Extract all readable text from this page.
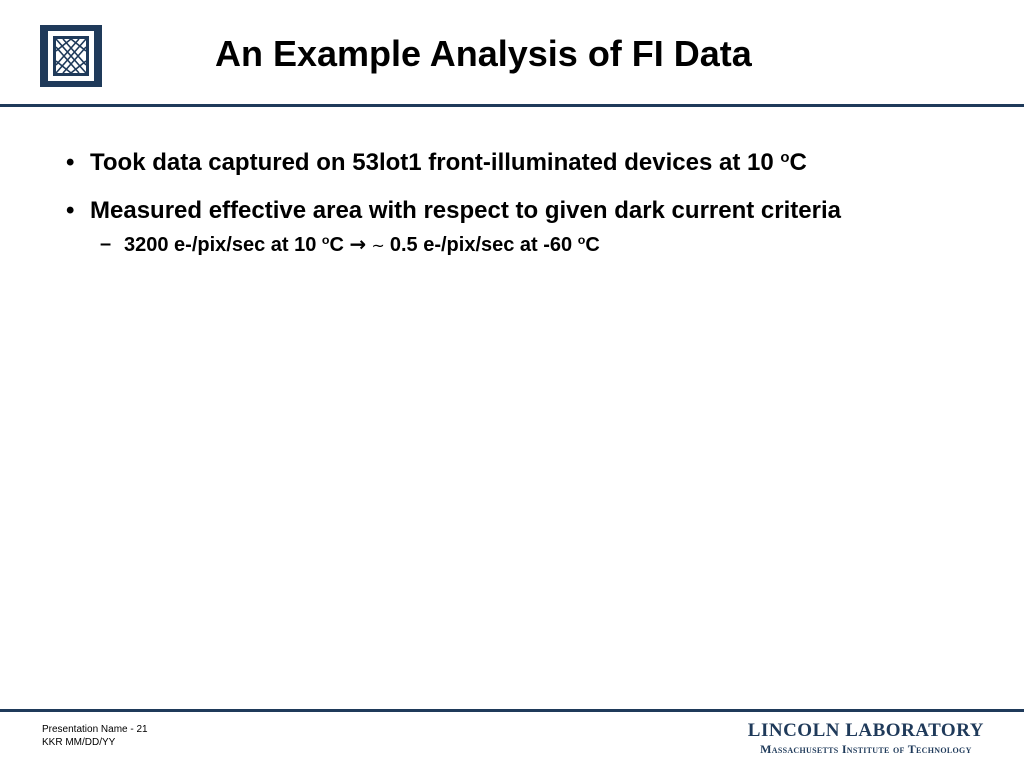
An Example Analysis of FI Data
• Took data captured on 53lot1 front-illuminated devices at 10 $^o$C
• Measured effective area with respect to given dark current criteria
– 3200 e-/pix/sec at 10 $^o$C → ~ 0.5 e-/pix/sec at -60 $^o$C
Presentation Name - 21
KKR MM/DD/YY
LINCOLN LABORATORY
Massachusetts Institute of Technology
